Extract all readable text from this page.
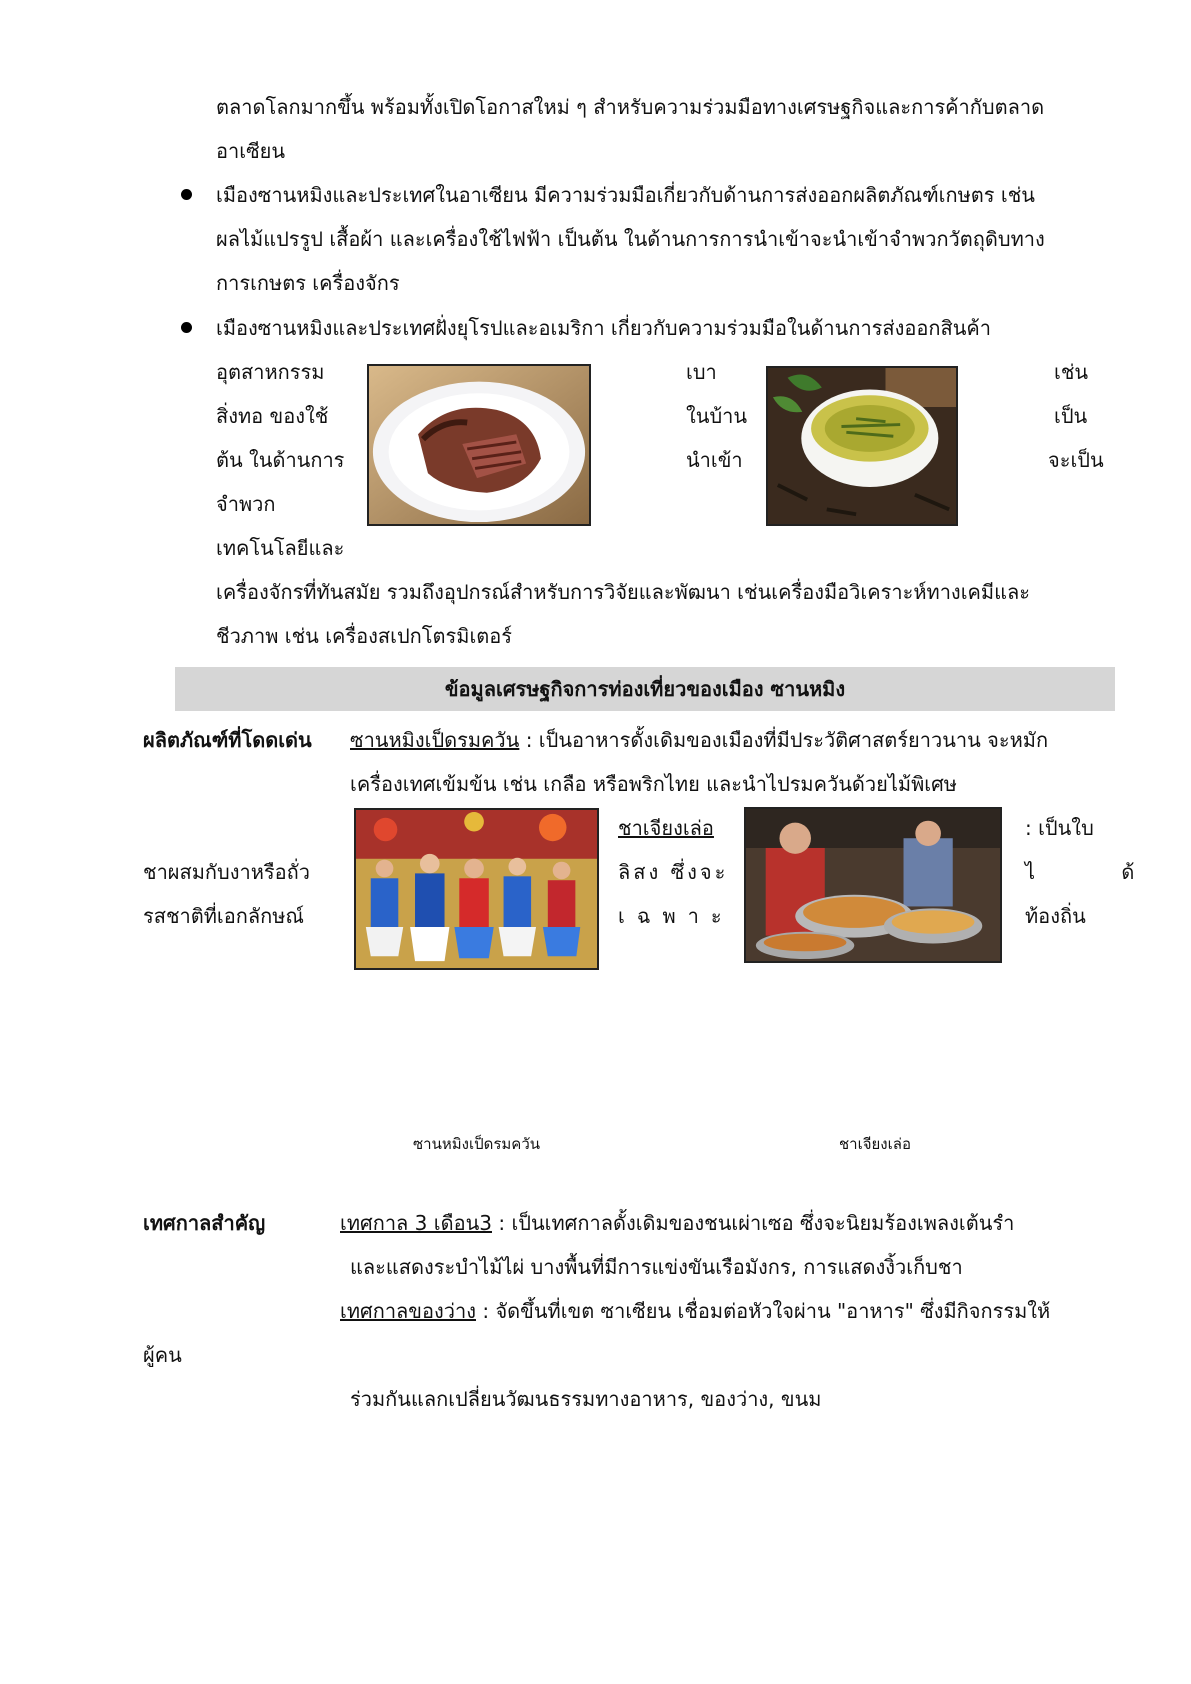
ตลาดโลกมากขึ้น พร้อมทั้งเปิดโอกาสใหม่ ๆ สำหรับความร่วมมือทางเศรษฐกิจและการค้ากับตลาด
อาเซียน
เมืองซานหมิงและประเทศในอาเซียน มีความร่วมมือเกี่ยวกับด้านการส่งออกผลิตภัณฑ์เกษตร เช่น
ผลไม้แปรรูป เสื้อผ้า และเครื่องใช้ไฟฟ้า เป็นต้น ในด้านการการนำเข้าจะนำเข้าจำพวกวัตถุดิบทาง
การเกษตร เครื่องจักร
เมืองซานหมิงและประเทศฝั่งยุโรปและอเมริกา เกี่ยวกับความร่วมมือในด้านการส่งออกสินค้า
อุตสาหกรรม
สิ่งทอ ของใช้
ต้น ในด้านการ
จำพวก
เทคโนโลยีและ
เบา
ในบ้าน
นำเข้า
เช่น
เป็น
จะเป็น
เครื่องจักรที่ทันสมัย รวมถึงอุปกรณ์สำหรับการวิจัยและพัฒนา เช่นเครื่องมือวิเคราะห์ทางเคมีและ
ชีวภาพ เช่น เครื่องสเปกโตรมิเตอร์
ข้อมูลเศรษฐกิจการท่องเที่ยวของเมือง ซานหมิง
ผลิตภัณฑ์ที่โดดเด่น ซานหมิงเป็ดรมควัน : เป็นอาหารดั้งเดิมของเมืองที่มีประวัติศาสตร์ยาวนาน จะหมัก
เครื่องเทศเข้มข้น เช่น เกลือ หรือพริกไทย และนำไปรมควันด้วยไม้พิเศษ
ชาผสมกับงาหรือถั่ว
รสชาติที่เอกลักษณ์
ชาเจียงเล่อ
ลิสง ซึ่งจะ
เฉพาะ
: เป็นใบ
ไ ด้
ท้องถิ่น
ซานหมิงเป็ดรมควัน	ชาเจียงเล่อ
เทศกาลสำคัญ	เทศกาล 3 เดือน3 : เป็นเทศกาลดั้งเดิมของชนเผ่าเซอ ซึ่งจะนิยมร้องเพลงเต้นรำ
และแสดงระบำไม้ไผ่ บางพื้นที่มีการแข่งขันเรือมังกร, การแสดงงิ้วเก็บชา
เทศกาลของว่าง : จัดขึ้นที่เขต ซาเซียน เชื่อมต่อหัวใจผ่าน "อาหาร" ซึ่งมีกิจกรรมให้
ผู้คน
ร่วมกันแลกเปลี่ยนวัฒนธรรมทางอาหาร, ของว่าง, ขนม
